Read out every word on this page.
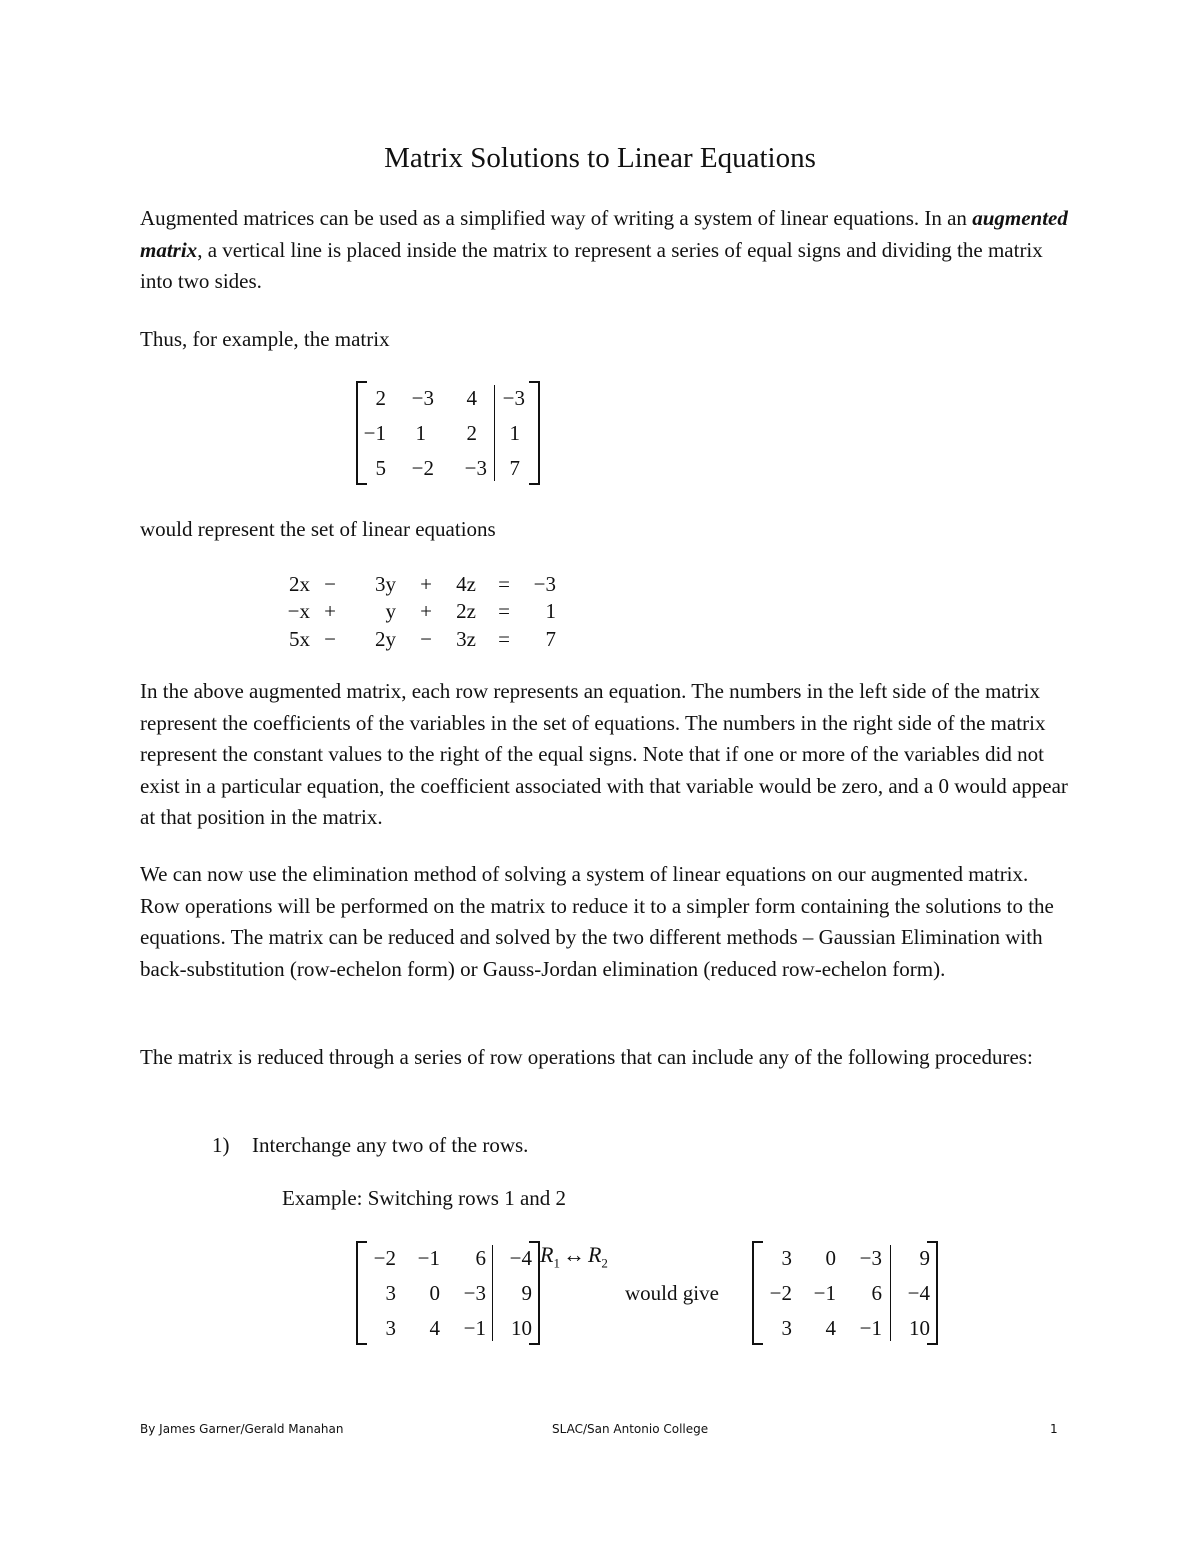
Matrix Solutions to Linear Equations

Augmented matrices can be used as a simplified way of writing a system of linear equations. In an augmented matrix, a vertical line is placed inside the matrix to represent a series of equal signs and dividing the matrix into two sides.

Thus, for example, the matrix

2	−3	4	−3
−1	1	2	1
5	−2	−3	7

would represent the set of linear equations

2x −	3y +	4z =	−3
−x +	y +	2z =	1
5x −	2y −	3z =	7

In the above augmented matrix, each row represents an equation. The numbers in the left side of the matrix represent the coefficients of the variables in the set of equations. The numbers in the right side of the matrix represent the constant values to the right of the equal signs. Note that if one or more of the variables did not exist in a particular equation, the coefficient associated with that variable would be zero, and a 0 would appear at that position in the matrix.

We can now use the elimination method of solving a system of linear equations on our augmented matrix. Row operations will be performed on the matrix to reduce it to a simpler form containing the solutions to the equations. The matrix can be reduced and solved by the two different methods – Gaussian Elimination with back-substitution (row-echelon form) or Gauss-Jordan elimination (reduced row-echelon form).

The matrix is reduced through a series of row operations that can include any of the following procedures:

1) Interchange any two of the rows.
Example: Switching rows 1 and 2
−2	−1	6	−4
3	0	−3	9
3	4	−1	10
$R_1$ ↔ $R_2$
would give
3	0	−3	9
−2	−1	6	−4
3	4	−1	10
By James Garner/Gerald Manahan	SLAC/San Antonio College	1
